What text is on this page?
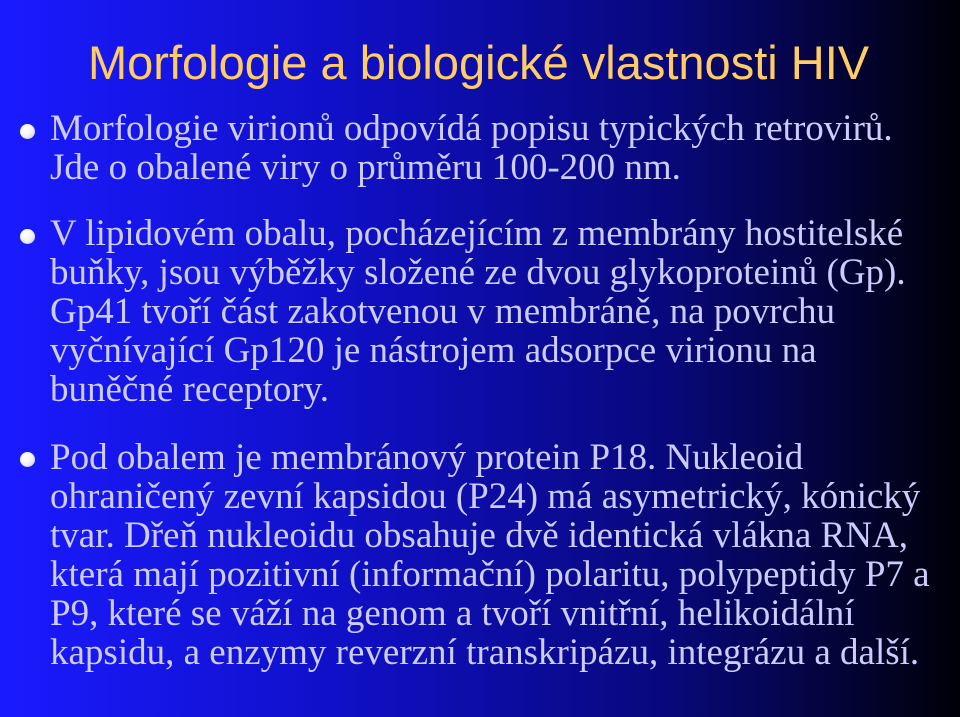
Morfologie a biologické vlastnosti HIV

Morfologie virionů odpovídá popisu typických retrovirů.
Jde o obalené viry o průměru 100-200 nm.

V lipidovém obalu, pocházejícím z membrány hostitelské
buňky, jsou výběžky složené ze dvou glykoproteinů (Gp).
Gp41 tvoří část zakotvenou v membráně, na povrchu
vyčnívající Gp120 je nástrojem adsorpce virionu na
buněčné receptory.

Pod obalem je membránový protein P18. Nukleoid
ohraničený zevní kapsidou (P24) má asymetrický, kónický
tvar. Dřeň nukleoidu obsahuje dvě identická vlákna RNA,
která mají pozitivní (informační) polaritu, polypeptidy P7 a
P9, které se váží na genom a tvoří vnitřní, helikoidální
kapsidu, a enzymy reverzní transkripázu, integrázu a další.
